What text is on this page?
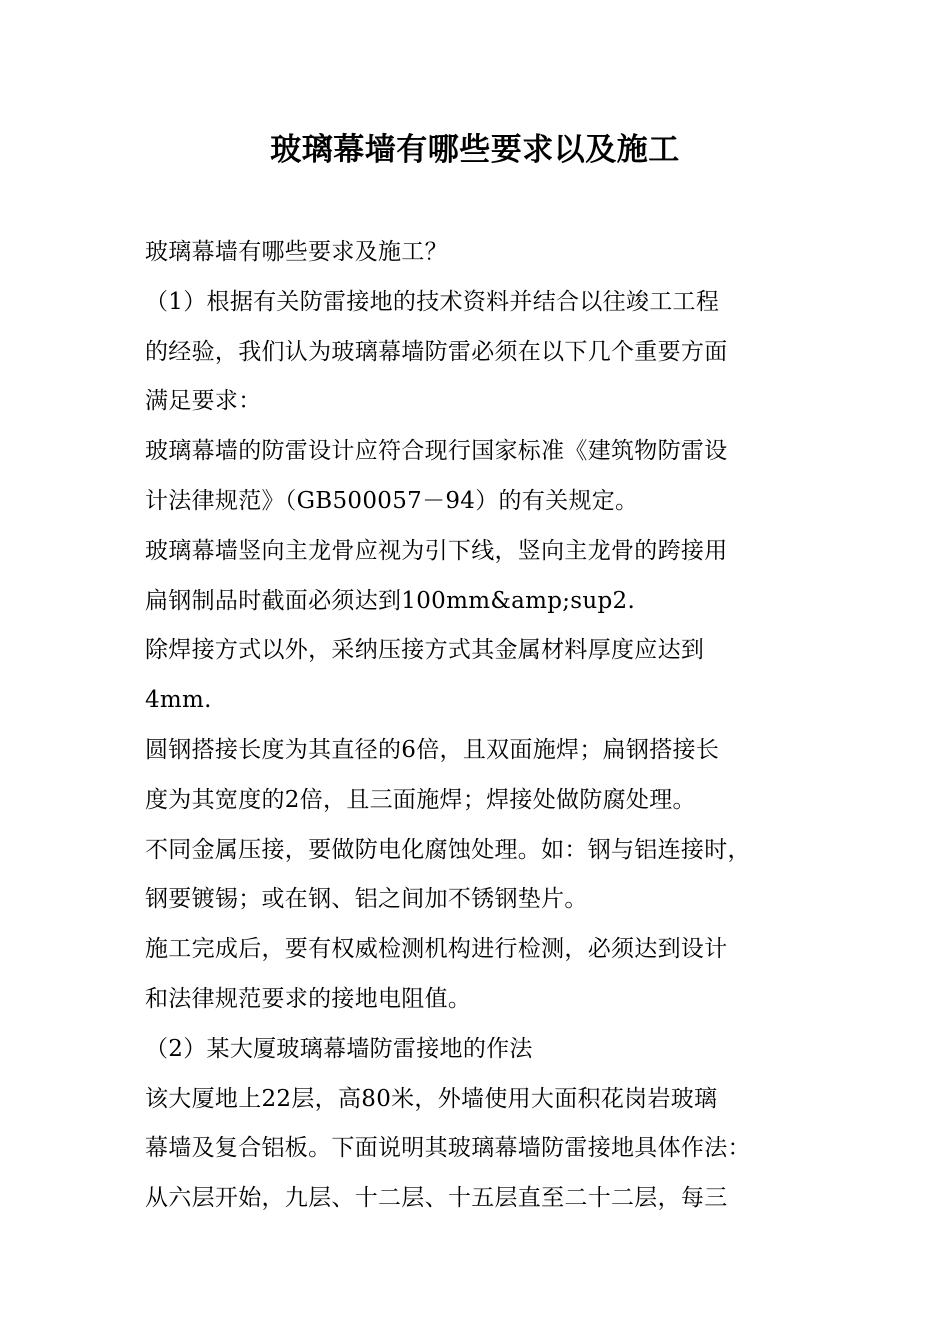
玻璃幕墙有哪些要求以及施工
玻璃幕墙有哪些要求及施工？
（1）根据有关防雷接地的技术资料并结合以往竣工工程
的经验，我们认为玻璃幕墙防雷必须在以下几个重要方面
满足要求：
玻璃幕墙的防雷设计应符合现行国家标准《建筑物防雷设
计法律规范》（GB500057－94）的有关规定。
玻璃幕墙竖向主龙骨应视为引下线，竖向主龙骨的跨接用
扁钢制品时截面必须达到100mm&amp;sup2.
除焊接方式以外，采纳压接方式其金属材料厚度应达到
4mm.
圆钢搭接长度为其直径的6倍，且双面施焊；扁钢搭接长
度为其宽度的2倍，且三面施焊；焊接处做防腐处理。
不同金属压接，要做防电化腐蚀处理。如：钢与铝连接时，
钢要镀锡；或在钢、铝之间加不锈钢垫片。
施工完成后，要有权威检测机构进行检测，必须达到设计
和法律规范要求的接地电阻值。
（2）某大厦玻璃幕墙防雷接地的作法
该大厦地上22层，高80米，外墙使用大面积花岗岩玻璃
幕墙及复合铝板。下面说明其玻璃幕墙防雷接地具体作法：
从六层开始，九层、十二层、十五层直至二十二层，每三
